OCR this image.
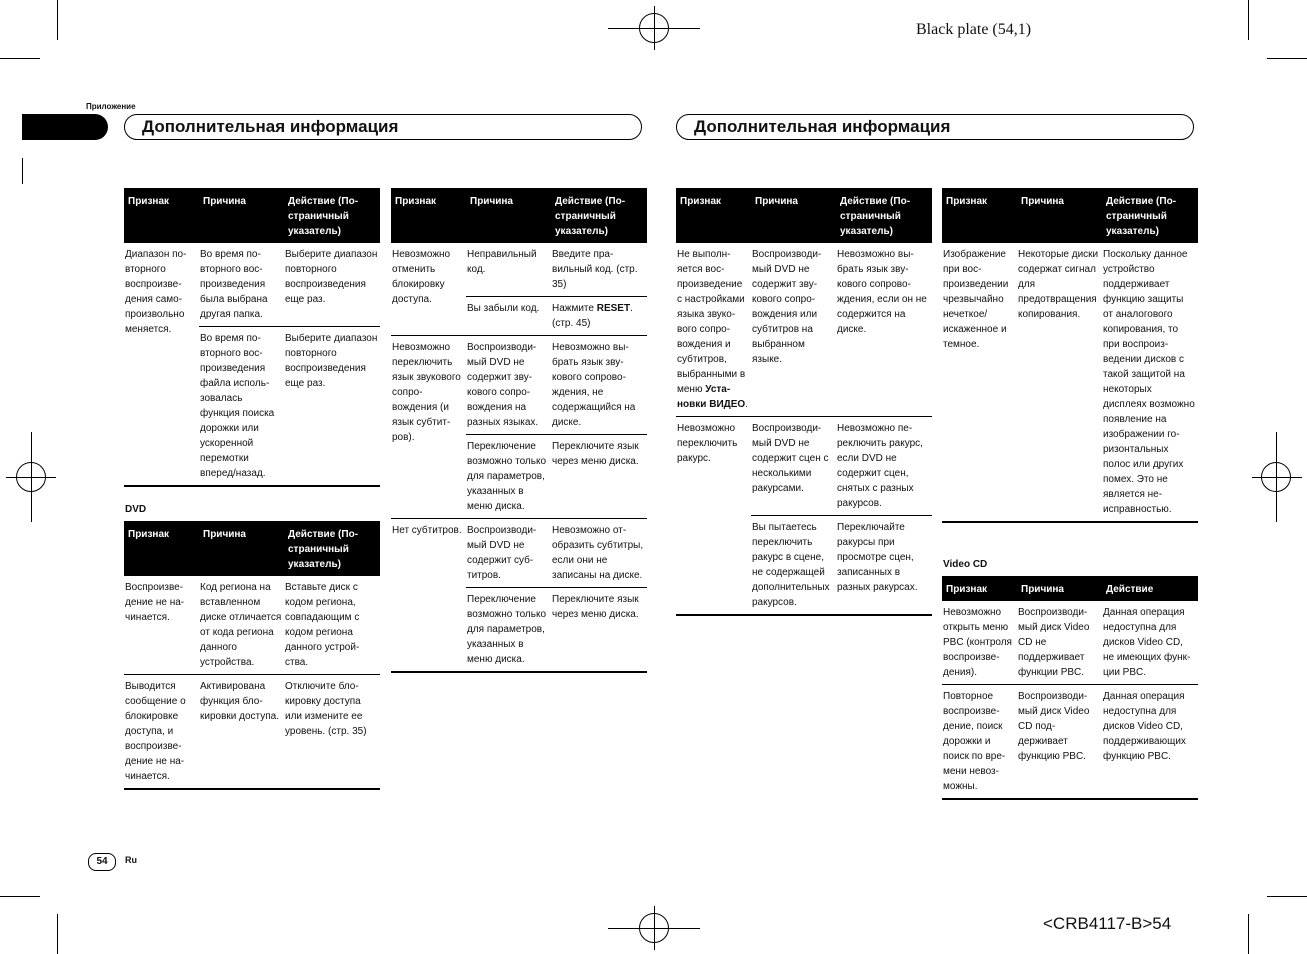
Black plate (54,1)
Приложение
Дополнительная информация	Дополнительная информация
Признак	Причина	Действие (Постраничный указатель)
Диапазон повторного воспроизведения самопроизвольно меняется.	Во время повторного воспроизведения была выбрана другая папка.	Выберите диапазон повторного воспроизведения еще раз.
	Во время повторного воспроизведения файла использовалась функция поиска дорожки или ускоренной перемотки вперед/назад.	Выберите диапазон повторного воспроизведения еще раз.
DVD
Признак	Причина	Действие (Постраничный указатель)
Воспроизведение не начинается.	Код региона на вставленном диске отличается от кода региона данного устройства.	Вставьте диск с кодом региона, совпадающим с кодом региона данного устройства.
Выводится сообщение о блокировке доступа, и воспроизведение не начинается.	Активирована функция блокировки доступа.	Отключите блокировку доступа или измените ее уровень. (стр. 35)
Признак	Причина	Действие (Постраничный указатель)
Невозможно отменить блокировку доступа.	Неправильный код.	Введите правильный код. (стр. 35)
	Вы забыли код.	Нажмите RESET. (стр. 45)
Невозможно переключить язык звукового сопровождения (и язык субтитров).	Воспроизводимый DVD не содержит звукового сопровождения на разных языках.	Невозможно выбрать язык звукового сопровождения, не содержащийся на диске.
	Переключение возможно только для параметров, указанных в меню диска.	Переключите язык через меню диска.
Нет субтитров.	Воспроизводимый DVD не содержит субтитров.	Невозможно отобразить субтитры, если они не записаны на диске.
	Переключение возможно только для параметров, указанных в меню диска.	Переключите язык через меню диска.
Признак	Причина	Действие (Постраничный указатель)
Не выполняется воспроизведение с настройками языка звукового сопровождения и субтитров, выбранными в меню Установки ВИДЕО.	Воспроизводимый DVD не содержит звукового сопровождения или субтитров на выбранном языке.	Невозможно выбрать язык звукового сопровождения, если он не содержится на диске.
Невозможно переключить ракурс.	Воспроизводимый DVD не содержит сцен с несколькими ракурсами.	Невозможно переключить ракурс, если DVD не содержит сцен, снятых с разных ракурсов.
	Вы пытаетесь переключить ракурс в сцене, не содержащей дополнительных ракурсов.	Переключайте ракурсы при просмотре сцен, записанных в разных ракурсах.
Признак	Причина	Действие (Постраничный указатель)
Изображение при воспроизведении чрезвычайно нечеткое/искаженное и темное.	Некоторые диски содержат сигнал для предотвращения копирования.	Поскольку данное устройство поддерживает функцию защиты от аналогового копирования, то при воспроизведении дисков с такой защитой на некоторых дисплеях возможно появление на изображении горизонтальных полос или других помех. Это не является неисправностью.
Video CD
Признак	Причина	Действие
Невозможно открыть меню PBC (контроля воспроизведения).	Воспроизводимый диск Video CD не поддерживает функции PBC.	Данная операция недоступна для дисков Video CD, не имеющих функции PBC.
Повторное воспроизведение, поиск дорожки и поиск по времени невозможны.	Воспроизводимый диск Video CD поддерживает функцию PBC.	Данная операция недоступна для дисков Video CD, поддерживающих функцию PBC.
54	Ru
<CRB4117-B>54
